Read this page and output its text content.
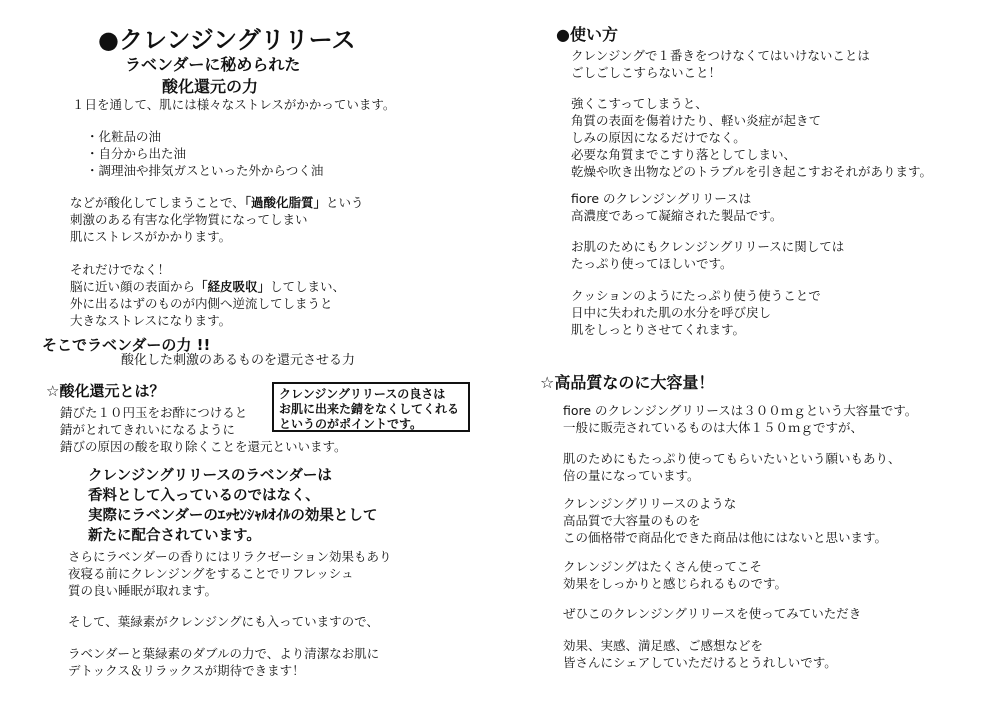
●クレンジングリリース
ラベンダーに秘められた
酸化還元の力
１日を通して、肌には様々なストレスがかかっています。
・化粧品の油
・自分から出た油
・調理油や排気ガスといった外からつく油
などが酸化してしまうことで、「過酸化脂質」という
刺激のある有害な化学物質になってしまい
肌にストレスがかかります。
それだけでなく！
脳に近い顔の表面から「経皮吸収」してしまい、
外に出るはずのものが内側へ逆流してしまうと
大きなストレスになります。
そこでラベンダーの力 !!
酸化した刺激のあるものを還元させる力
☆酸化還元とは？
錆びた１０円玉をお酢につけると
錆がとれてきれいになるように
錆びの原因の酸を取り除くことを還元といいます。
クレンジングリリースの良さは
お肌に出来た錆をなくしてくれる
というのがポイントです。
クレンジングリリースのラベンダーは
香料として入っているのではなく、
実際にラベンダーのｴｯｾﾝｼｬﾙｵｲﾙの効果として
新たに配合されています。
さらにラベンダーの香りにはリラクゼーション効果もあり
夜寝る前にクレンジングをすることでリフレッシュ
質の良い睡眠が取れます。
そして、葉緑素がクレンジングにも入っていますので、
ラベンダーと葉緑素のダブルの力で、より清潔なお肌に
デトックス＆リラックスが期待できます！
●使い方
クレンジングで１番きをつけなくてはいけないことは
ごしごしこすらないこと！
強くこすってしまうと、
角質の表面を傷着けたり、軽い炎症が起きて
しみの原因になるだけでなく。
必要な角質までこすり落としてしまい、
乾燥や吹き出物などのトラブルを引き起こすおそれがあります。
fiore のクレンジングリリースは
高濃度であって凝縮された製品です。
お肌のためにもクレンジングリリースに関しては
たっぷり使ってほしいです。
クッションのようにたっぷり使う使うことで
日中に失われた肌の水分を呼び戻し
肌をしっとりさせてくれます。
☆高品質なのに大容量！
fiore のクレンジングリリースは３００ｍｇという大容量です。
一般に販売されているものは大体１５０ｍｇですが、
肌のためにもたっぷり使ってもらいたいという願いもあり、
倍の量になっています。
クレンジングリリースのような
高品質で大容量のものを
この価格帯で商品化できた商品は他にはないと思います。
クレンジングはたくさん使ってこそ
効果をしっかりと感じられるものです。
ぜひこのクレンジングリリースを使ってみていただき
効果、実感、満足感、ご感想などを
皆さんにシェアしていただけるとうれしいです。
